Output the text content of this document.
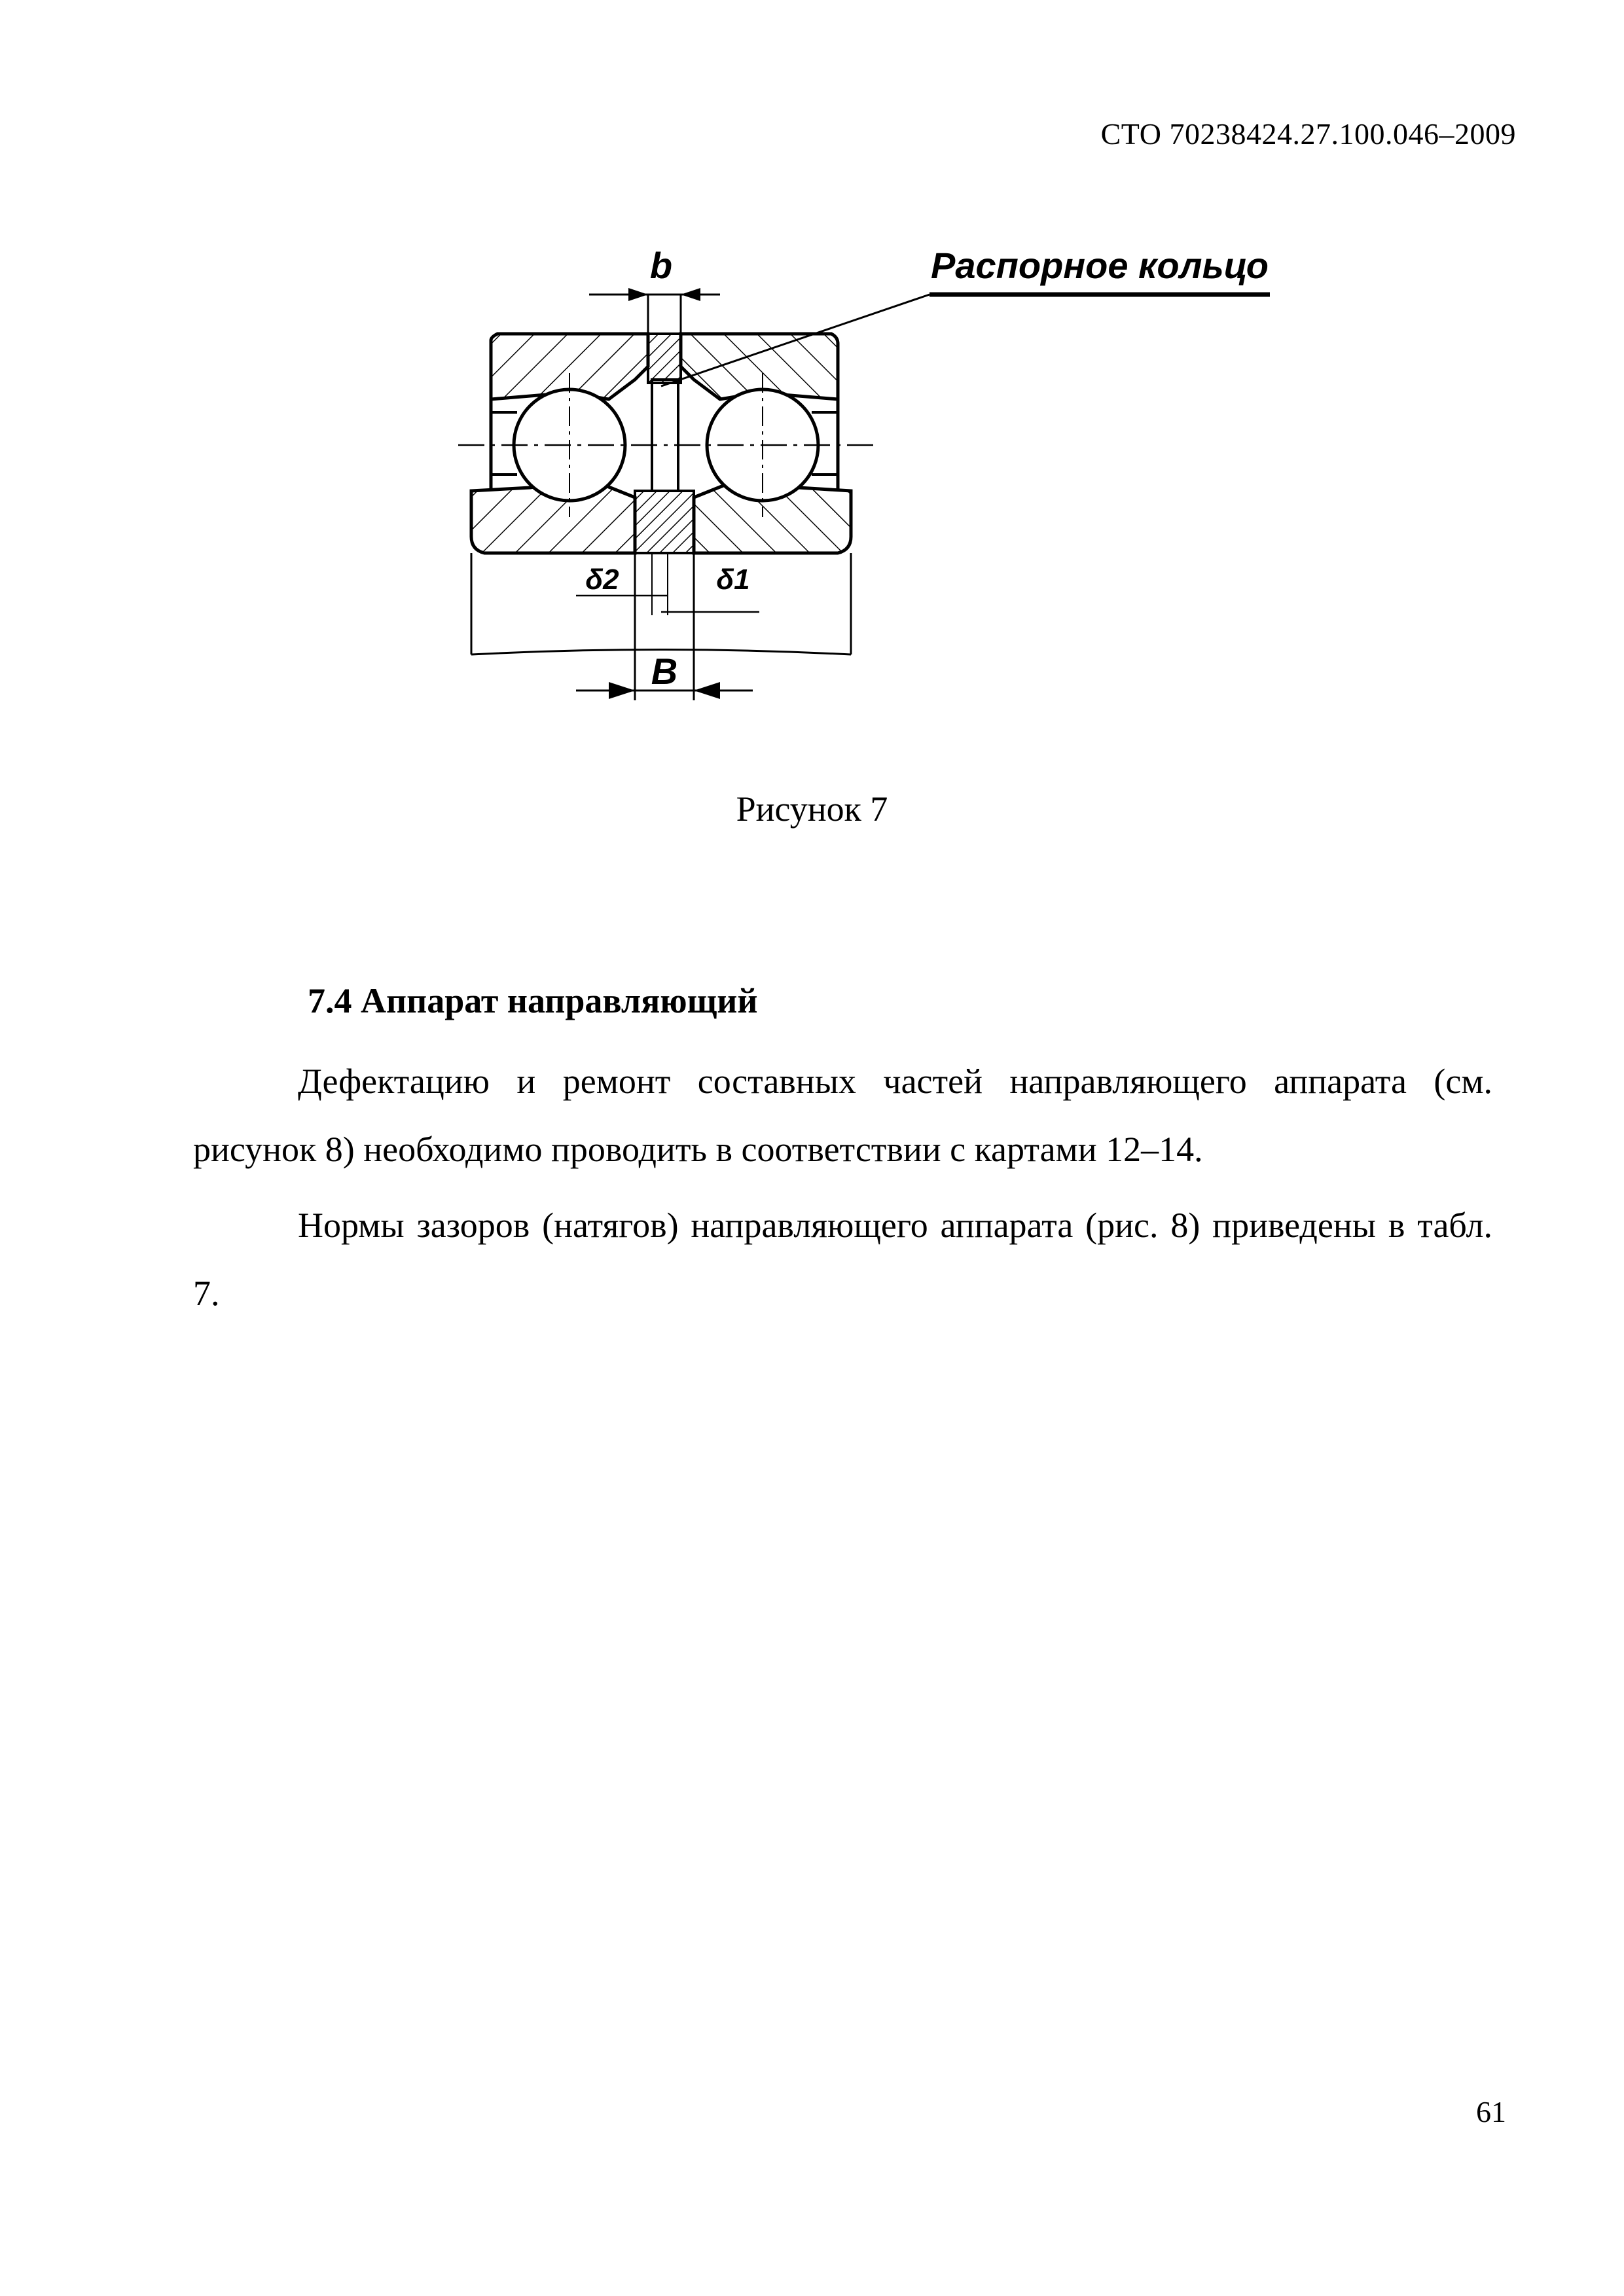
СТО 70238424.27.100.046–2009
b
B
δ2	δ1
Распорное кольцо
Рисунок 7
7.4 Аппарат направляющий
Дефектацию и ремонт составных частей направляющего аппарата (см. рисунок 8) необходимо проводить в соответствии с картами 12–14.
Нормы зазоров (натягов) направляющего аппарата (рис. 8) приведены в табл. 7.
61
